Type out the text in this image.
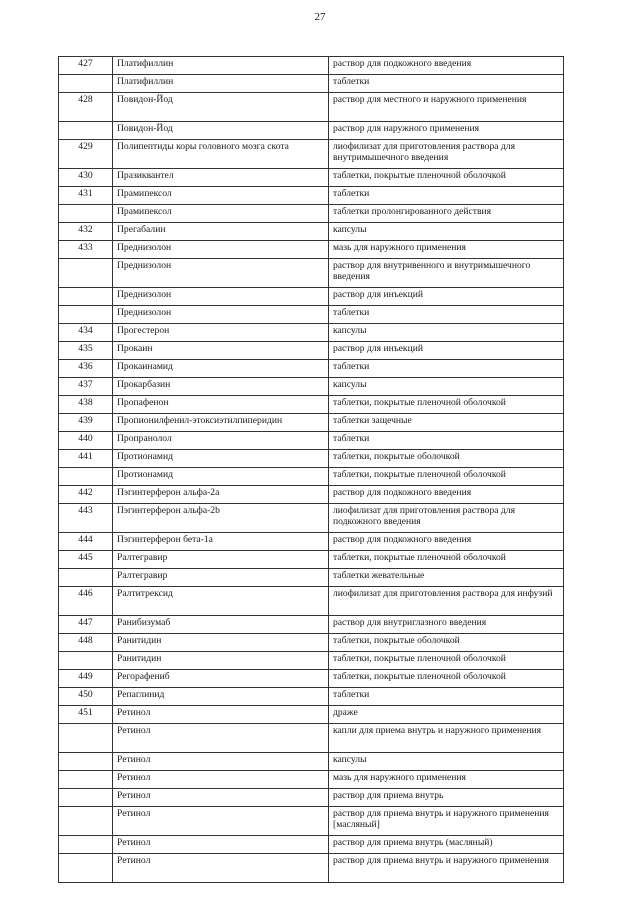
27
427	Платифиллин	раствор для подкожного введения
	Платифиллин	таблетки
428	Повидон-Йод	раствор для местного и наружного применения
	Повидон-Йод	раствор для наружного применения
429	Полипептиды коры головного мозга скота	лиофилизат для приготовления раствора для внутримышечного введения
430	Празиквантел	таблетки, покрытые пленочной оболочкой
431	Прамипексол	таблетки
	Прамипексол	таблетки пролонгированного действия
432	Прегабалин	капсулы
433	Преднизолон	мазь для наружного применения
	Преднизолон	раствор для внутривенного и внутримышечного введения
	Преднизолон	раствор для инъекций
	Преднизолон	таблетки
434	Прогестерон	капсулы
435	Прокаин	раствор для инъекций
436	Прокаинамид	таблетки
437	Прокарбазин	капсулы
438	Пропафенон	таблетки, покрытые пленочной оболочкой
439	Пропионилфенил-этоксиэтилпиперидин	таблетки защечные
440	Пропранолол	таблетки
441	Протионамид	таблетки, покрытые оболочкой
	Протионамид	таблетки, покрытые пленочной оболочкой
442	Пэгинтерферон альфа-2а	раствор для подкожного введения
443	Пэгинтерферон альфа-2b	лиофилизат для приготовления раствора для подкожного введения
444	Пэгинтерферон бета-1а	раствор для подкожного введения
445	Ралтегравир	таблетки, покрытые пленочной оболочкой
	Ралтегравир	таблетки жевательные
446	Ралтитрексид	лиофилизат для приготовления раствора для инфузий
447	Ранибизумаб	раствор для внутриглазного введения
448	Ранитидин	таблетки, покрытые оболочкой
	Ранитидин	таблетки, покрытые пленочной оболочкой
449	Регорафениб	таблетки, покрытые пленочной оболочкой
450	Репаглинид	таблетки
451	Ретинол	драже
	Ретинол	капли для приема внутрь и наружного применения
	Ретинол	капсулы
	Ретинол	мазь для наружного применения
	Ретинол	раствор для приема внутрь
	Ретинол	раствор для приема внутрь и наружного применения [масляный]
	Ретинол	раствор для приема внутрь (масляный)
	Ретинол	раствор для приема внутрь и наружного применения
